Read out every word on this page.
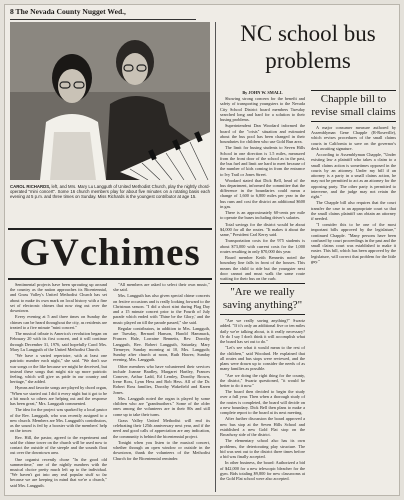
8 The Nevada County Nugget Wed.,
CAROL RICHARDS, left, and Mrs. Mary Lu Langguth of United Methodist Church, play the nightly chord-operated "mini concert". Some 16 church members play for about five minutes on a rotating basis each evening at 5 p.m. and three times on Sunday. Miss Richards is the youngest contributor at age 15.
GVchimes

Sentimental projects have been sprouting up around the country as the nation approaches its Bicentennial, and Grass Valley's United Methodist Church has set about to make its own mark on local history with a fine set of electronic chimes that now ring out over the downtown.

Every evening at 5 and three times on Sunday the chimes can be heard throughout the city, as residents are treated to a five minute "mini concert."

The musical tribute is America's revolution began on February 20 with its first concert, and it will continue through December 31, 1976, said hopefully Carol Mrs. Mary Lu Langguth of the United Methodist Church.

"We have a varied repertoire, with at least one patriotic number each night," she said. "We don't use war songs or the like because we might be deceived, but instead these songs that might stir up more patriotic feeling, which will give us pride in our country and heritage," she added.

Hymns and favorite songs are played by chord organ, "When we started out I did it every night but it got to be a bit much so others are helping out and the response has been great," Mrs. Langguth commented.

The idea for the project was sparked by a local pastor of the Rev. Langguth, who was recently assigned to a new church. Members are Mrs. Langguth's contributors, as the sound is fed by a booster with the members' help on the tower.

Rev. Hill, the pastor, agreed to the experiment and said the chime tower on the church will be used now to contact the outside of the steeple and the sounds float out over the downtown area.

One organist recently chose "In the good old summertime," one of the nightly numbers with the musical choice pretty much left up to the individual. "We haven't got into any real popular stuff so far because we are keeping in mind that we're a church," said Mrs. Langguth.

"All members are asked to select their own music," she said.

Mrs. Langguth has also given special chime concerts on festive occasions and is really looking forward to the Christmas season. "I did a short stint during Flag Day and a 15 minute concert prior to the Fourth of July parade which ended with 'Thine be the Glory,' and the music played on till the parade passed," she said.

Regular contributors, in addition to Mrs. Langguth, are Tuesday, Bernard Hanson, Harold Hammack, Frances Hale, Lorraine Bennetts, Rev. Dorothy Langguth, Rev. Robert Langguth, Saturday, Mary Tiemeyer, Sunday morning at 10, Mrs. Langguth; Sunday after church at noon, Ruth Hawes; Sunday evening, Mrs. Langguth.

Other members who have volunteered their services include Joanne Bradley, Margaret Hartley, Frances Conover, Arthur Ladd, Ed Lemley, Dorothy Brown, Irene Ross, Lynn Hess and Bob Hess. All of the Dr. Robert Ross families, Dorothy Wakefield and Karen Jones.

Mrs. Langguth noted the organ is played by some children who are "grandmothers." Some of the older ones among the volunteers are in their 80s and still come up to take their turns.

Grass Valley United Methodist will end its celebrating their 125th anniversary next year, and if the need and good calls of appreciation are any indication, the community is behind the bicentennial project.

Tonight when you listen to the musical concert, whether through an open window or outside in the downtown, thank the volunteers of the Methodist Church for the Bicentennial reminder.

NC school bus problems

By JOHN W. SMALL

Showing strong concern for the benefit and safety of transporting youngsters to the Nevada City School District board members Tuesday searched long and hard for a solution to their busing problems.

Superintendent Dan Woodard informed the board of the "crisis" situation and estimated about the bus pool has been changed in their boundaries for children who use Gold Run area.

The limit for busing students to Seven Hills School in one direction is 1.5 miles, measured from the front door of the school as in the past, the bus fuel and limit are hard to meet because of the number of kids coming in from the entrance to Ivy Trail or Jones Street.

Woodard stated that Dick Bell, head of the bus department, informed the committee that the difference in the boundaries could mean a change of 1,600 to 6,800 miles per year in the bus runs and cost the district an additional $600 in gas.

There is an approximately 60-cents per mile to operate the buses including driver's salaries.

Total savings for the district would be about $4,000 for all the routes. "It makes it about the same," President Carl Kerry said.

Transportation costs for the 975 students is about $73,000 with current costs for the 1,000 routes resulting in only $70,000 this year.

Board member Keith Bennetts noted the boundary line falls in front of the houses. This means the child to ride but the youngster next door cannot and must walk the same route waiting for their bus on the curb.

"Are we really saving anything?"

"Are we really saving anything?" Swartz added. "If it's only an additional five or ten miles daily we're talking about, is it really necessary? Or do I say I don't think it will accomplish what the board has set out to do."

"Let's see what it would mean to the rest of the children," said Woodard. He explained that all routes and bus stops were reviewed, and the plans were drawn up to consider the needs of as many families as possible.

"Are we doing the right thing for the county, the district," Swartz questioned, "it would be better to do it now."

The board then decided to begin the study over a full year. Then when a thorough study of the routes is completed, the board will decide on a new boundary. Dick Bell then plans to make a complete report to the board at its next meeting.

After further discussion the board approved a new bus stop at the Seven Hills School and established a new Gold Flat stop on the Broadway side of the district.

The elementary school also has its own problems, the deteriorating play structure. The bid was sent out to the district three times before a bid was finally accepted.

In other business, the board: Authorized a bid of $42,000 for a new telescopic bleacher for the gym. Bids totaling $9,800 for new classrooms at the Gold Flat school were also accepted.

Chapple bill to revise small claims

A major consumer measure authored by Assemblyman Gene Chapple (R-Roseville), which revises procedures of the small claims courts in California to save on the governor's desk awaiting signature.

According to Assemblyman Chapple, "Under existing law a plaintiff who takes a claim to a small claims action is sometimes opposed in the courts by an attorney. Under my bill if an attorney is a party in a small claims action, he may not be permitted to act as an attorney for the opposing party. The other party is permitted to intervene, and the judge may not retain the right."

The Chapple bill also requires that the court transfer the case to an appropriate court so that the small claims plaintiff can obtain an attorney if needed.

"I consider this to be one of the most important bills approved by the legislature," continued Chapple. "Many persons have been confused by court proceedings in the past and the small claims court was established to make it easier. This bill, which has been approved by the legislature, will correct that problem for the little guy."
